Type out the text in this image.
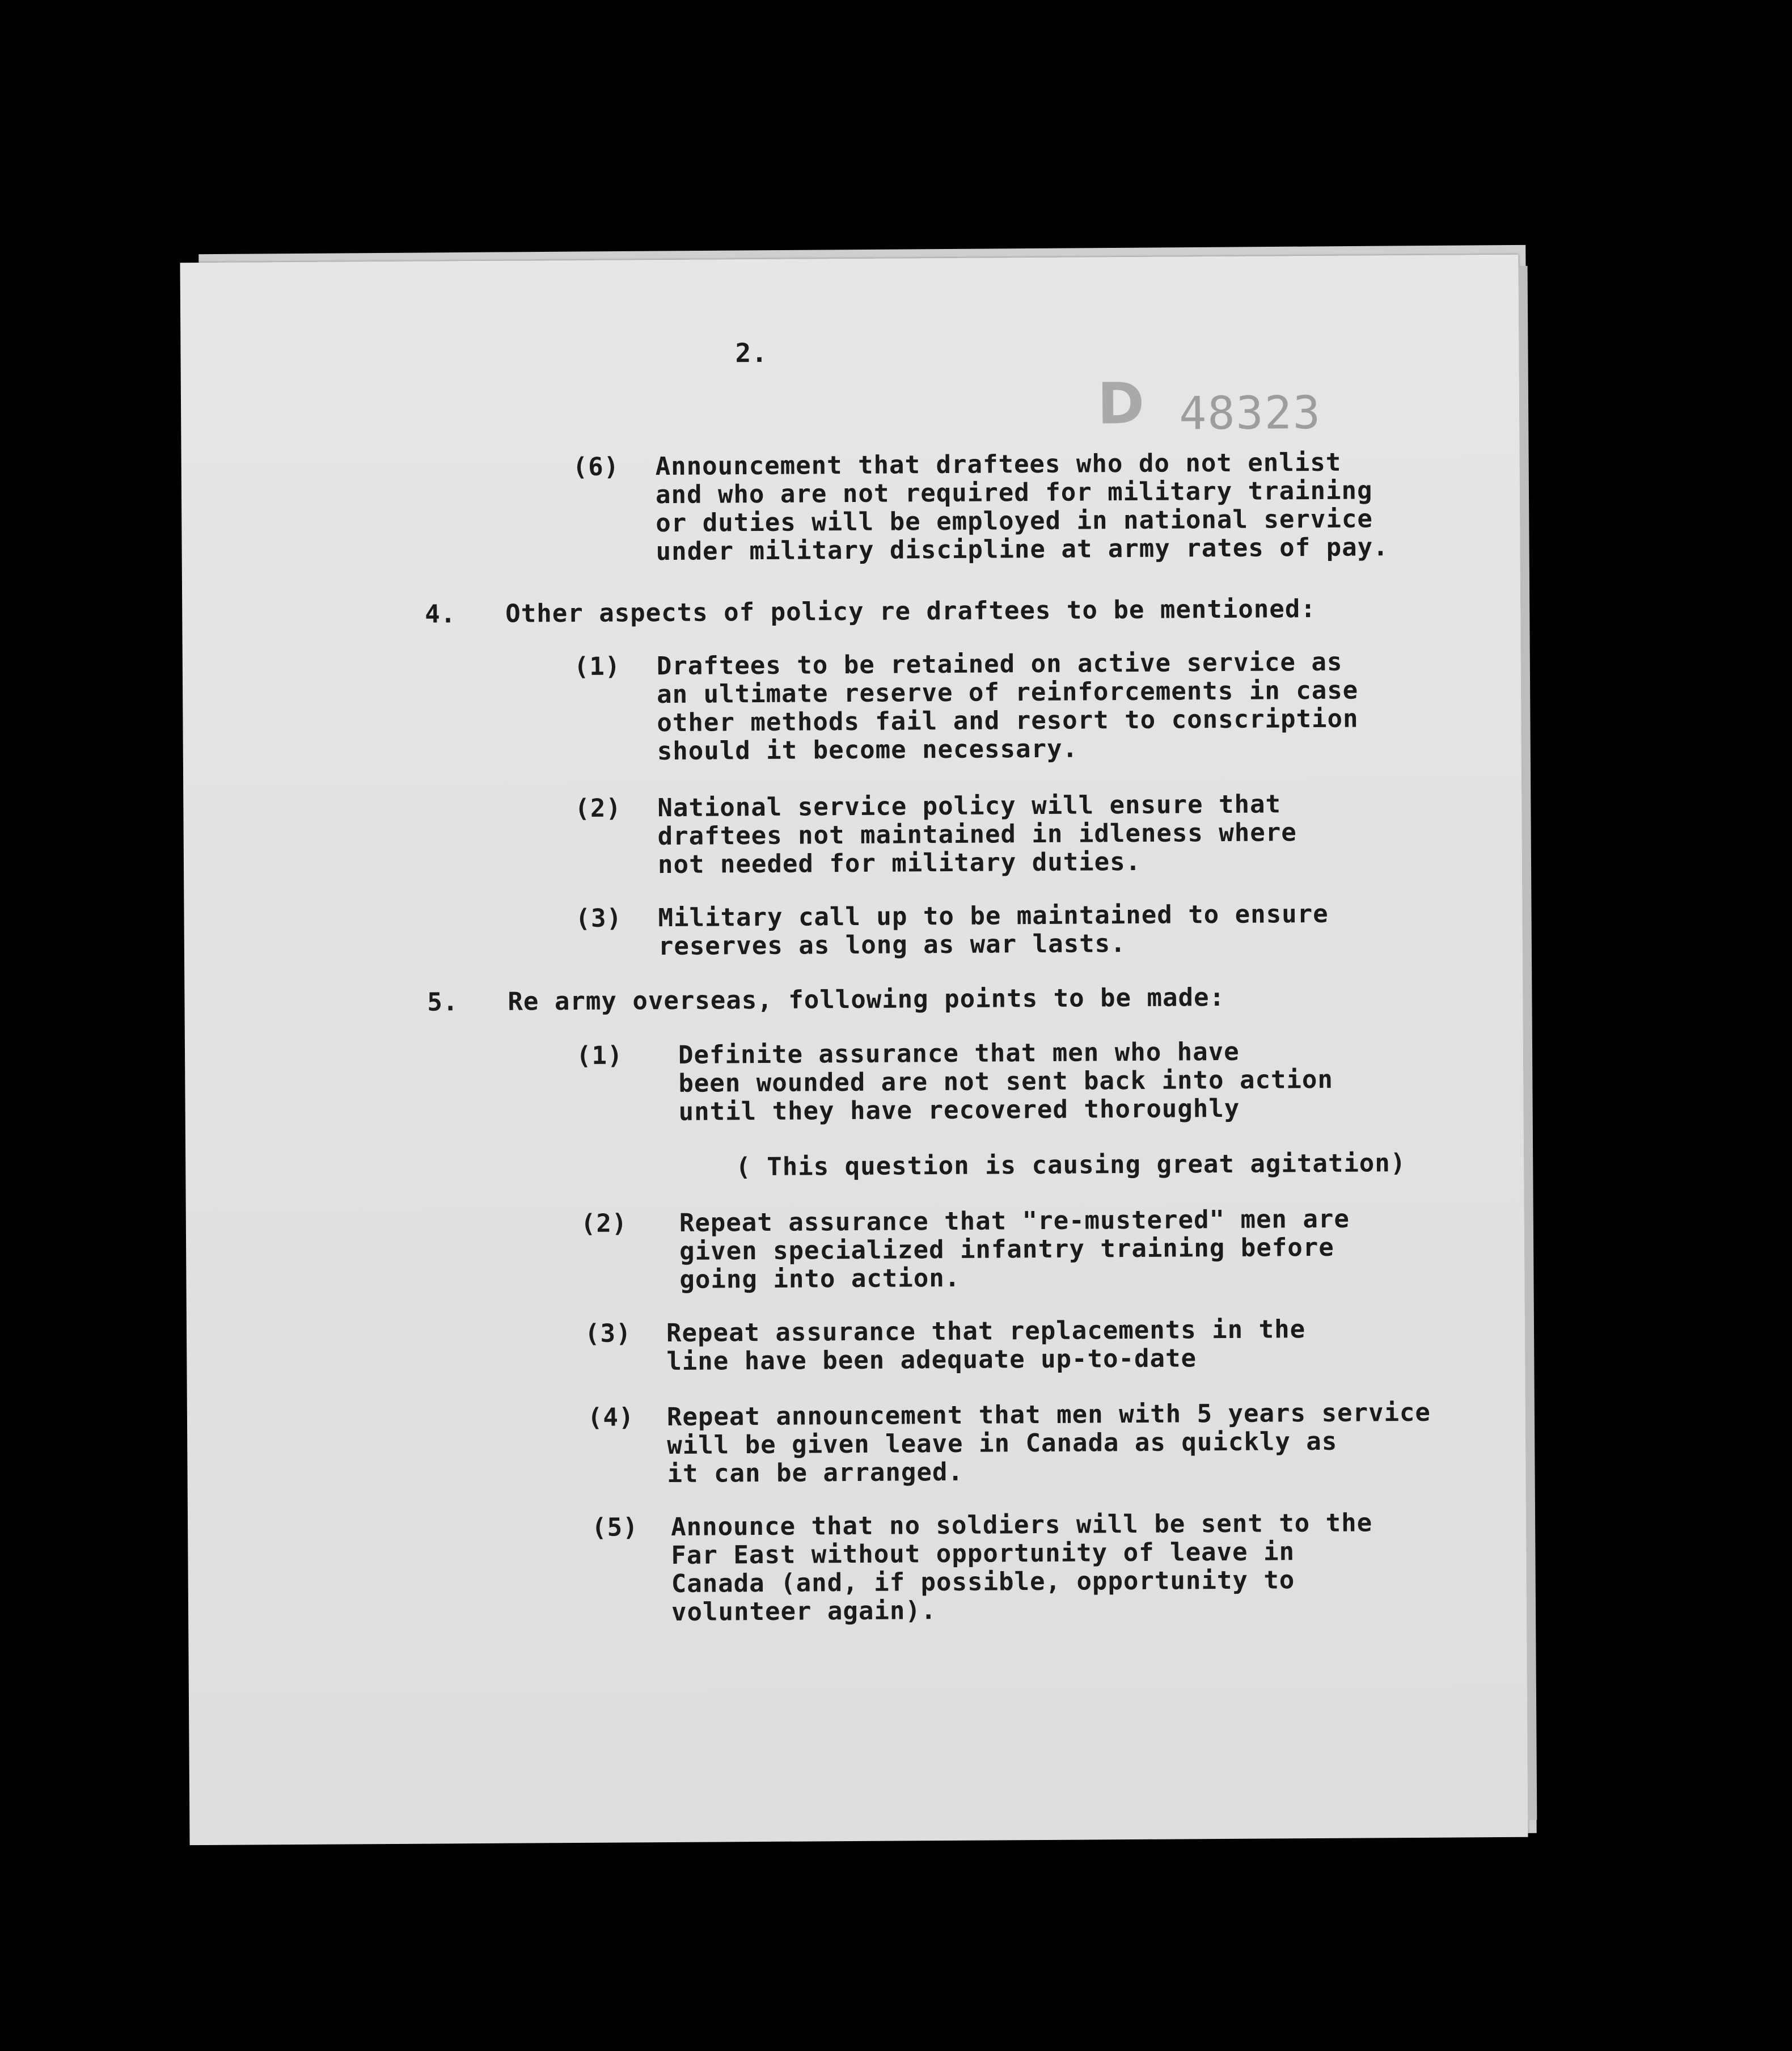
2.
D 48323
(6) Announcement that draftees who do not enlist
and who are not required for military training
or duties will be employed in national service
under military discipline at army rates of pay.
4. Other aspects of policy re draftees to be mentioned:
(1) Draftees to be retained on active service as
an ultimate reserve of reinforcements in case
other methods fail and resort to conscription
should it become necessary.
(2) National service policy will ensure that
draftees not maintained in idleness where
not needed for military duties.
(3) Military call up to be maintained to ensure
reserves as long as war lasts.
5. Re army overseas, following points to be made:
(1) Definite assurance that men who have
been wounded are not sent back into action
until they have recovered thoroughly
( This question is causing great agitation)
(2) Repeat assurance that "re-mustered" men are
given specialized infantry training before
going into action.
(3) Repeat assurance that replacements in the
line have been adequate up-to-date
(4) Repeat announcement that men with 5 years service
will be given leave in Canada as quickly as
it can be arranged.
(5) Announce that no soldiers will be sent to the
Far East without opportunity of leave in
Canada (and, if possible, opportunity to
volunteer again).
